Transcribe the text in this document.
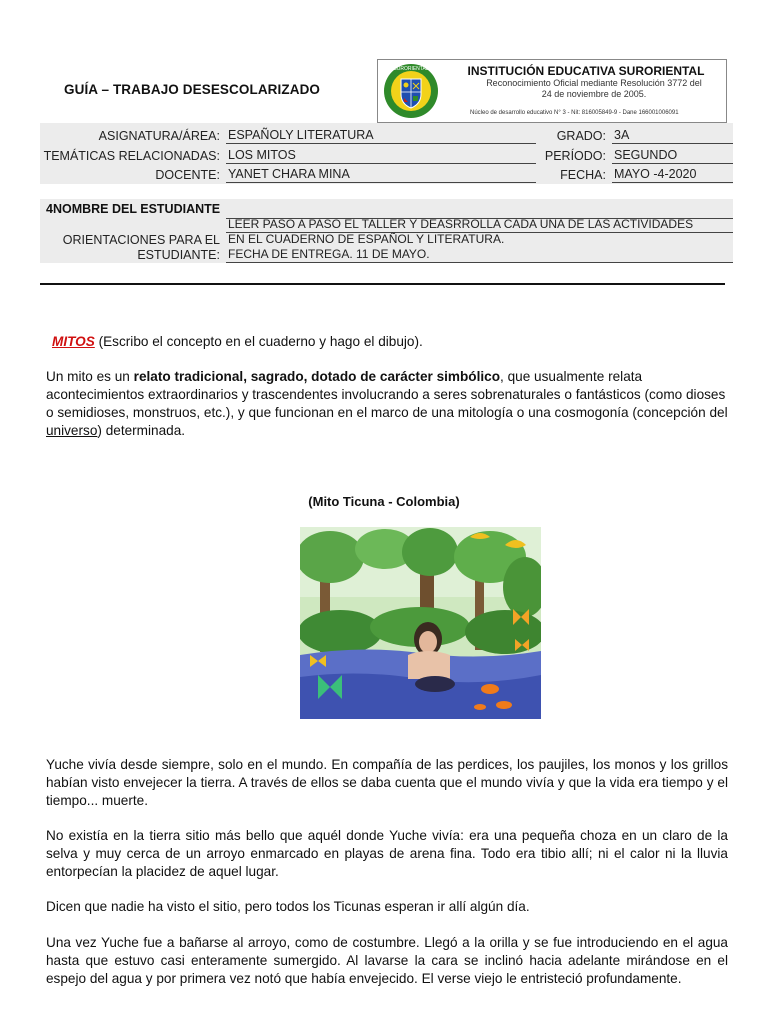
GUÍA – TRABAJO DESESCOLARIZADO
SURORIENTAL	INSTITUCIÓN EDUCATIVA SURORIENTAL
Reconocimiento Oficial mediante Resolución 3772 del
24 de noviembre de 2005.
Núcleo de desarrollo educativo N° 3 - Nit: 816005849-9 - Dane 166001006091
ASIGNATURA/ÁREA: ESPAÑOLY LITERATURA	GRADO: 3A
TEMÁTICAS RELACIONADAS: LOS MITOS	PERÍODO: SEGUNDO
DOCENTE: YANET CHARA MINA	FECHA: MAYO -4-2020
4NOMBRE DEL ESTUDIANTE
ORIENTACIONES PARA EL
ESTUDIANTE:
LEER PASO A PASO EL TALLER Y DEASRROLLA CADA UNA DE LAS ACTIVIDADES
EN EL CUADERNO DE ESPAÑOL Y LITERATURA.
FECHA DE ENTREGA. 11 DE MAYO.

MITOS (Escribo el concepto en el cuaderno y hago el dibujo).

Un mito es un relato tradicional, sagrado, dotado de carácter simbólico, que usualmente relata acontecimientos extraordinarios y trascendentes involucrando a seres sobrenaturales o fantásticos (como dioses o semidioses, monstruos, etc.), y que funcionan en el marco de una mitología o una cosmogonía (concepción del universo) determinada.

(Mito Ticuna - Colombia)

Yuche vivía desde siempre, solo en el mundo. En compañía de las perdices, los paujiles, los monos y los grillos habían visto envejecer la tierra. A través de ellos se daba cuenta que el mundo vivía y que la vida era tiempo y el tiempo... muerte.

No existía en la tierra sitio más bello que aquél donde Yuche vivía: era una pequeña choza en un claro de la selva y muy cerca de un arroyo enmarcado en playas de arena fina. Todo era tibio allí; ni el calor ni la lluvia entorpecían la placidez de aquel lugar.

Dicen que nadie ha visto el sitio, pero todos los Ticunas esperan ir allí algún día.

Una vez Yuche fue a bañarse al arroyo, como de costumbre. Llegó a la orilla y se fue introduciendo en el agua hasta que estuvo casi enteramente sumergido. Al lavarse la cara se inclinó hacia adelante mirándose en el espejo del agua y por primera vez notó que había envejecido. El verse viejo le entristeció profundamente.
